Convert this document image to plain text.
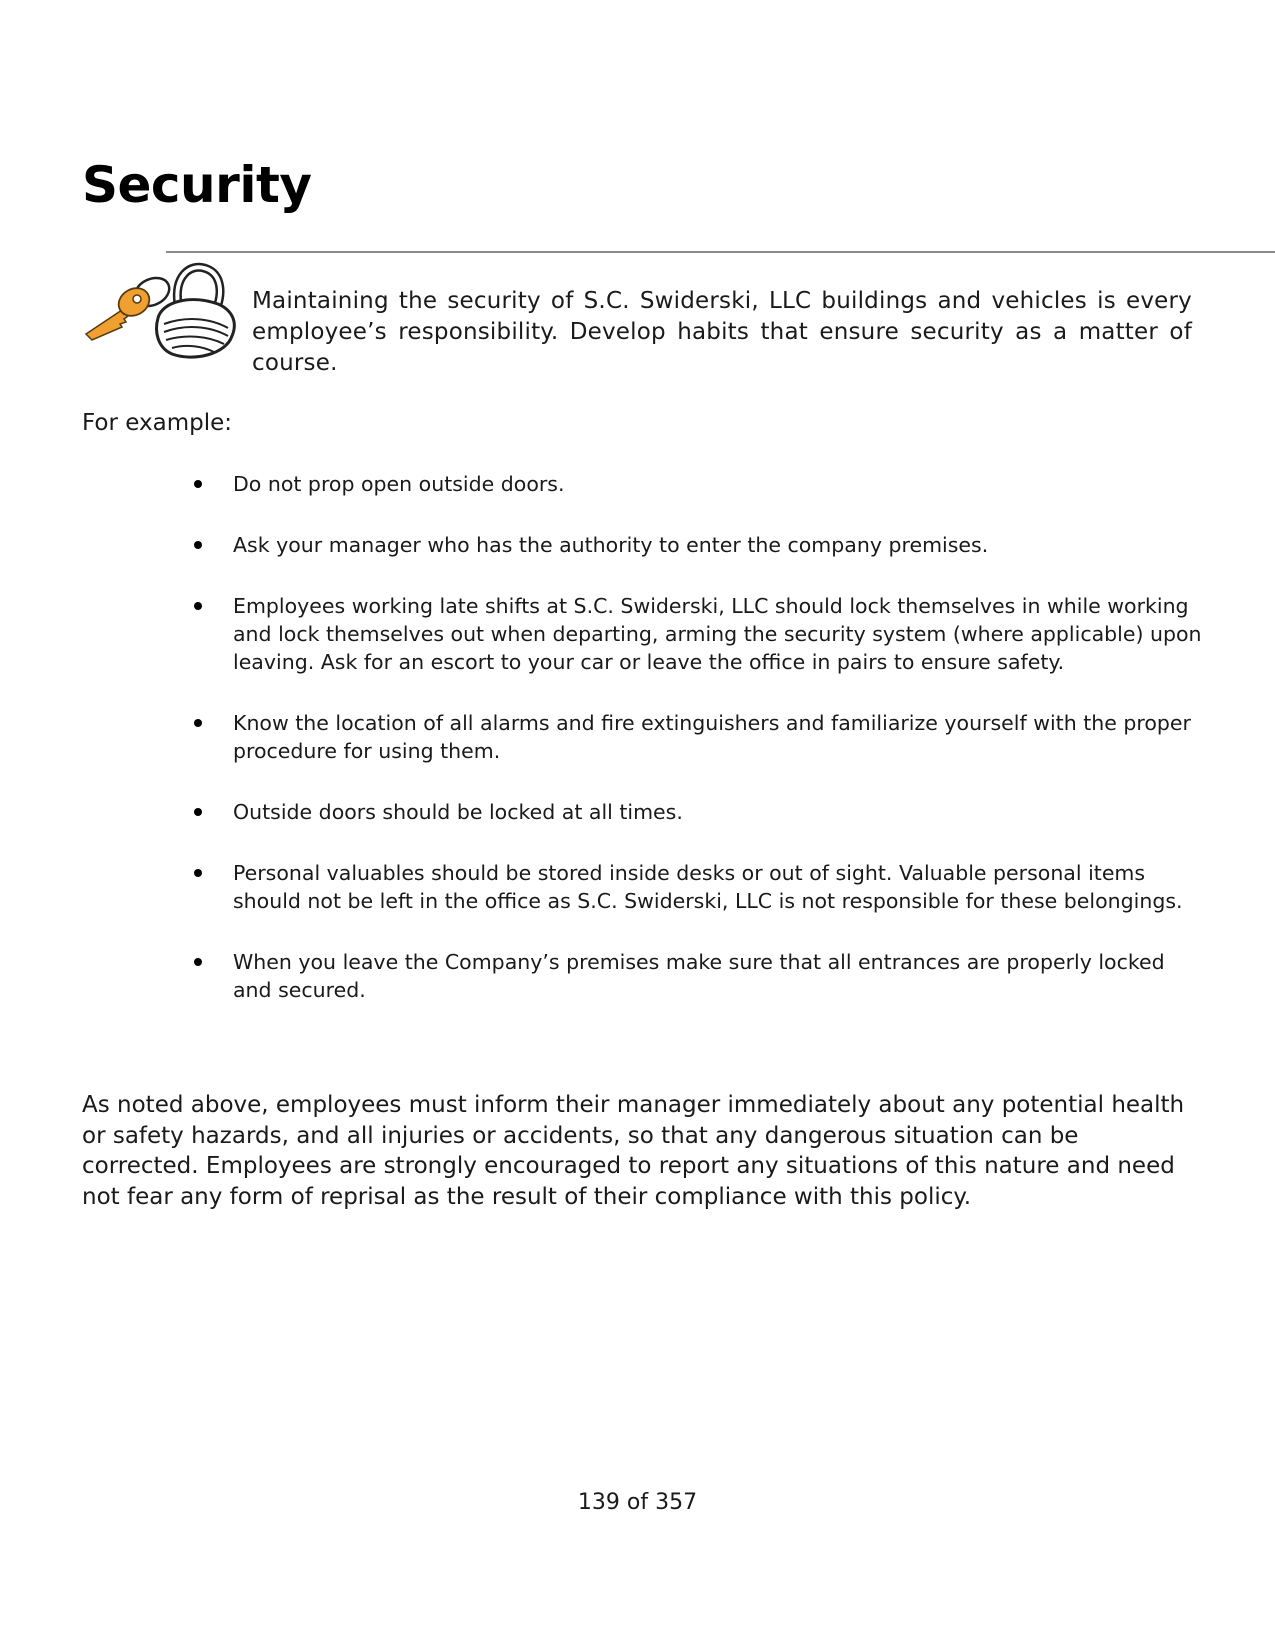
Security

Maintaining the security of S.C. Swiderski, LLC buildings and vehicles is every employee’s responsibility. Develop habits that ensure security as a matter of course.

For example:

Do not prop open outside doors.
Ask your manager who has the authority to enter the company premises.
Employees working late shifts at S.C. Swiderski, LLC should lock themselves in while working and lock themselves out when departing, arming the security system (where applicable) upon leaving. Ask for an escort to your car or leave the office in pairs to ensure safety.
Know the location of all alarms and fire extinguishers and familiarize yourself with the proper procedure for using them.
Outside doors should be locked at all times.
Personal valuables should be stored inside desks or out of sight. Valuable personal items should not be left in the office as S.C. Swiderski, LLC is not responsible for these belongings.
When you leave the Company’s premises make sure that all entrances are properly locked and secured.

As noted above, employees must inform their manager immediately about any potential health or safety hazards, and all injuries or accidents, so that any dangerous situation can be corrected. Employees are strongly encouraged to report any situations of this nature and need not fear any form of reprisal as the result of their compliance with this policy.

139 of 357
